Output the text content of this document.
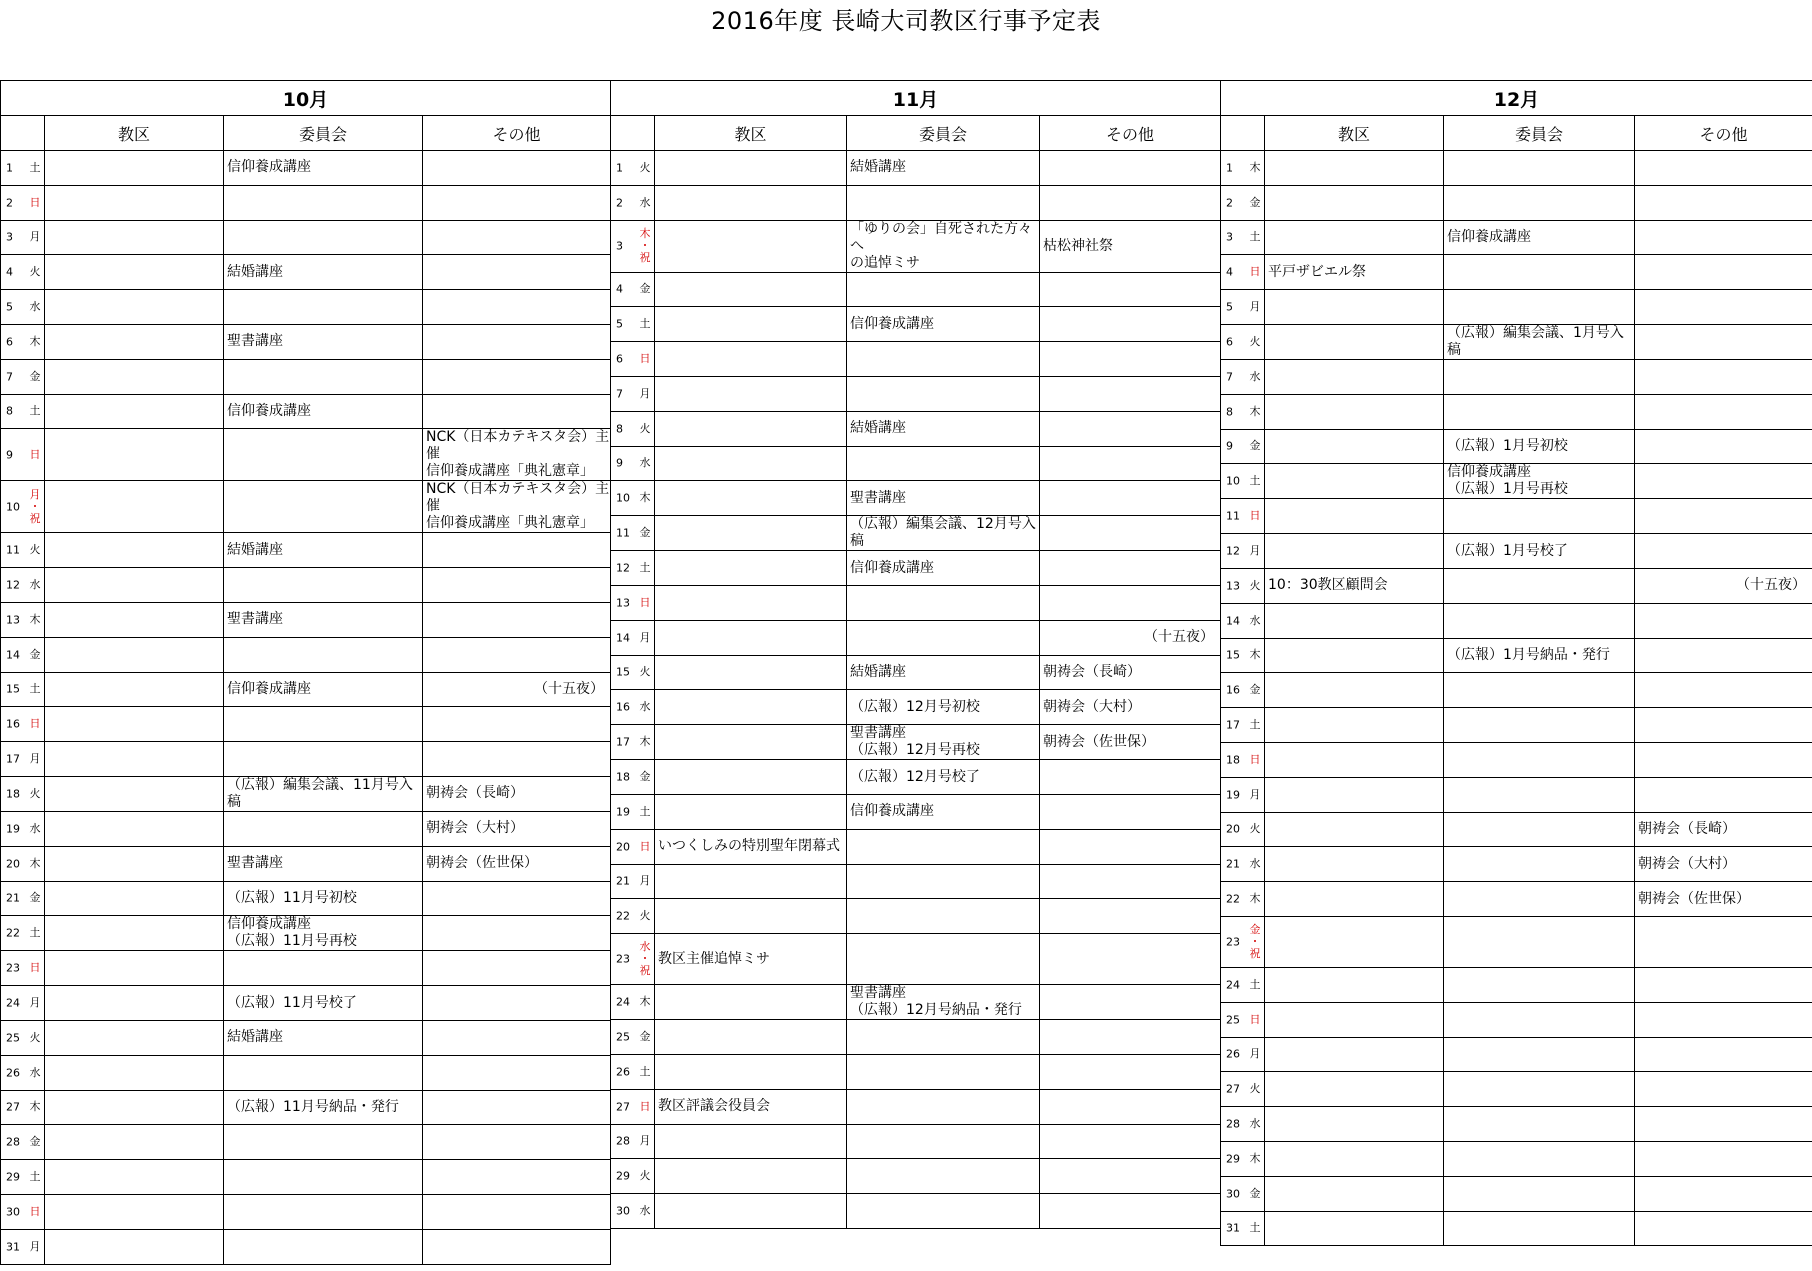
2016年度 長崎大司教区行事予定表
10月			
	教区	委員会	その他

1 土		信仰養成講座	

2 日			

3 月			

4 火		結婚講座	

5 水			

6 木		聖書講座	

7 金			

8 土		信仰養成講座	

9 日			NCK（日本カテキスタ会）主催
信仰養成講座「典礼憲章」

10
月
・
祝			NCK（日本カテキスタ会）主催
信仰養成講座「典礼憲章」

11 火		結婚講座	

12 水			

13 木		聖書講座	

14 金			

15 土		信仰養成講座	（十五夜）

16 日			

17 月			

18 火		（広報）編集会議、11月号入稿	朝祷会（長崎）

19 水			朝祷会（大村）

20 木		聖書講座	朝祷会（佐世保）

21 金		（広報）11月号初校	

22 土		信仰養成講座
（広報）11月号再校	

23 日			

24 月		（広報）11月号校了	

25 火		結婚講座	

26 水			

27 木		（広報）11月号納品・発行	

28 金			

29 土			

30 日			

31 月			

11月			
	教区	委員会	その他

1 火		結婚講座	

2 水			

3
木
・
祝		「ゆりの会」自死された方々へ
の追悼ミサ	枯松神社祭

4 金			

5 土		信仰養成講座	

6 日			

7 月			

8 火		結婚講座	

9 水			

10 木		聖書講座	

11 金		（広報）編集会議、12月号入稿	

12 土		信仰養成講座	

13 日			

14 月			（十五夜）

15 火		結婚講座	朝祷会（長崎）

16 水		（広報）12月号初校	朝祷会（大村）

17 木		聖書講座
（広報）12月号再校	朝祷会（佐世保）

18 金		（広報）12月号校了	

19 土		信仰養成講座	

20 日	いつくしみの特別聖年閉幕式		

21 月			

22 火			

23
水
・
祝	教区主催追悼ミサ		

24 木		聖書講座
（広報）12月号納品・発行	

25 金			

26 土			

27 日	教区評議会役員会		

28 月			

29 火			

30 水			

12月			
	教区	委員会	その他

1 木			

2 金			

3 土		信仰養成講座	

4 日	平戸ザビエル祭		

5 月			

6 火		（広報）編集会議、1月号入稿	

7 水			

8 木			

9 金		（広報）1月号初校	

10 土		信仰養成講座
（広報）1月号再校	

11 日			

12 月		（広報）1月号校了	

13 火	10：30教区顧問会		（十五夜）

14 水			

15 木		（広報）1月号納品・発行	

16 金			

17 土			

18 日			

19 月			

20 火			朝祷会（長崎）

21 水			朝祷会（大村）

22 木			朝祷会（佐世保）

23
金
・
祝			

24 土			

25 日			

26 月			

27 火			

28 水			

29 木			

30 金			

31 土			
